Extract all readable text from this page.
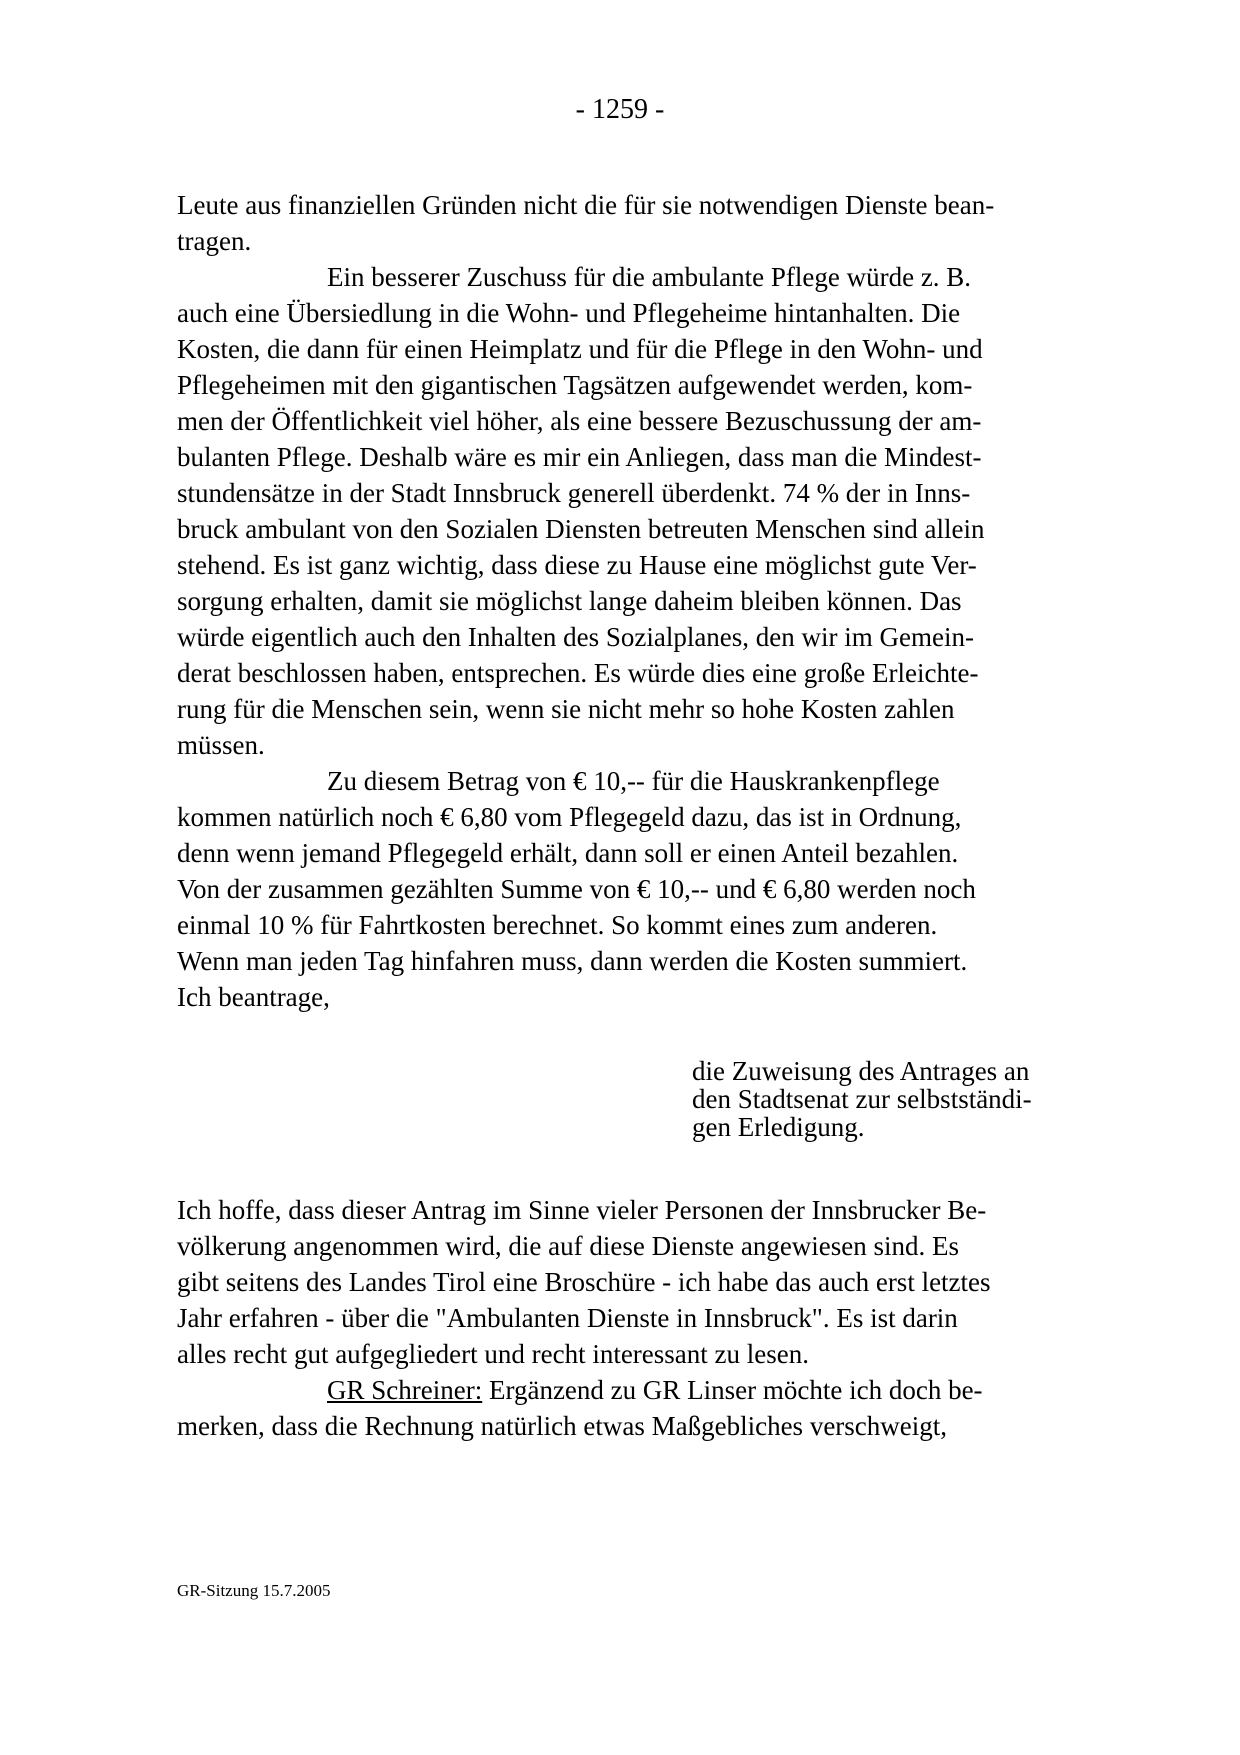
- 1259 -
Leute aus finanziellen Gründen nicht die für sie notwendigen Dienste bean-
tragen.
Ein besserer Zuschuss für die ambulante Pflege würde z. B.
auch eine Übersiedlung in die Wohn- und Pflegeheime hintanhalten. Die
Kosten, die dann für einen Heimplatz und für die Pflege in den Wohn- und
Pflegeheimen mit den gigantischen Tagsätzen aufgewendet werden, kom-
men der Öffentlichkeit viel höher, als eine bessere Bezuschussung der am-
bulanten Pflege. Deshalb wäre es mir ein Anliegen, dass man die Mindest-
stundensätze in der Stadt Innsbruck generell überdenkt. 74 % der in Inns-
bruck ambulant von den Sozialen Diensten betreuten Menschen sind allein
stehend. Es ist ganz wichtig, dass diese zu Hause eine möglichst gute Ver-
sorgung erhalten, damit sie möglichst lange daheim bleiben können. Das
würde eigentlich auch den Inhalten des Sozialplanes, den wir im Gemein-
derat beschlossen haben, entsprechen. Es würde dies eine große Erleichte-
rung für die Menschen sein, wenn sie nicht mehr so hohe Kosten zahlen
müssen.
Zu diesem Betrag von € 10,-- für die Hauskrankenpflege
kommen natürlich noch € 6,80 vom Pflegegeld dazu, das ist in Ordnung,
denn wenn jemand Pflegegeld erhält, dann soll er einen Anteil bezahlen.
Von der zusammen gezählten Summe von € 10,-- und € 6,80 werden noch
einmal 10 % für Fahrtkosten berechnet. So kommt eines zum anderen.
Wenn man jeden Tag hinfahren muss, dann werden die Kosten summiert.
Ich beantrage,
die Zuweisung des Antrages an
den Stadtsenat zur selbstständi-
gen Erledigung.
Ich hoffe, dass dieser Antrag im Sinne vieler Personen der Innsbrucker Be-
völkerung angenommen wird, die auf diese Dienste angewiesen sind. Es
gibt seitens des Landes Tirol eine Broschüre - ich habe das auch erst letztes
Jahr erfahren - über die "Ambulanten Dienste in Innsbruck". Es ist darin
alles recht gut aufgegliedert und recht interessant zu lesen.
GR Schreiner: Ergänzend zu GR Linser möchte ich doch be-
merken, dass die Rechnung natürlich etwas Maßgebliches verschweigt,
GR-Sitzung 15.7.2005
